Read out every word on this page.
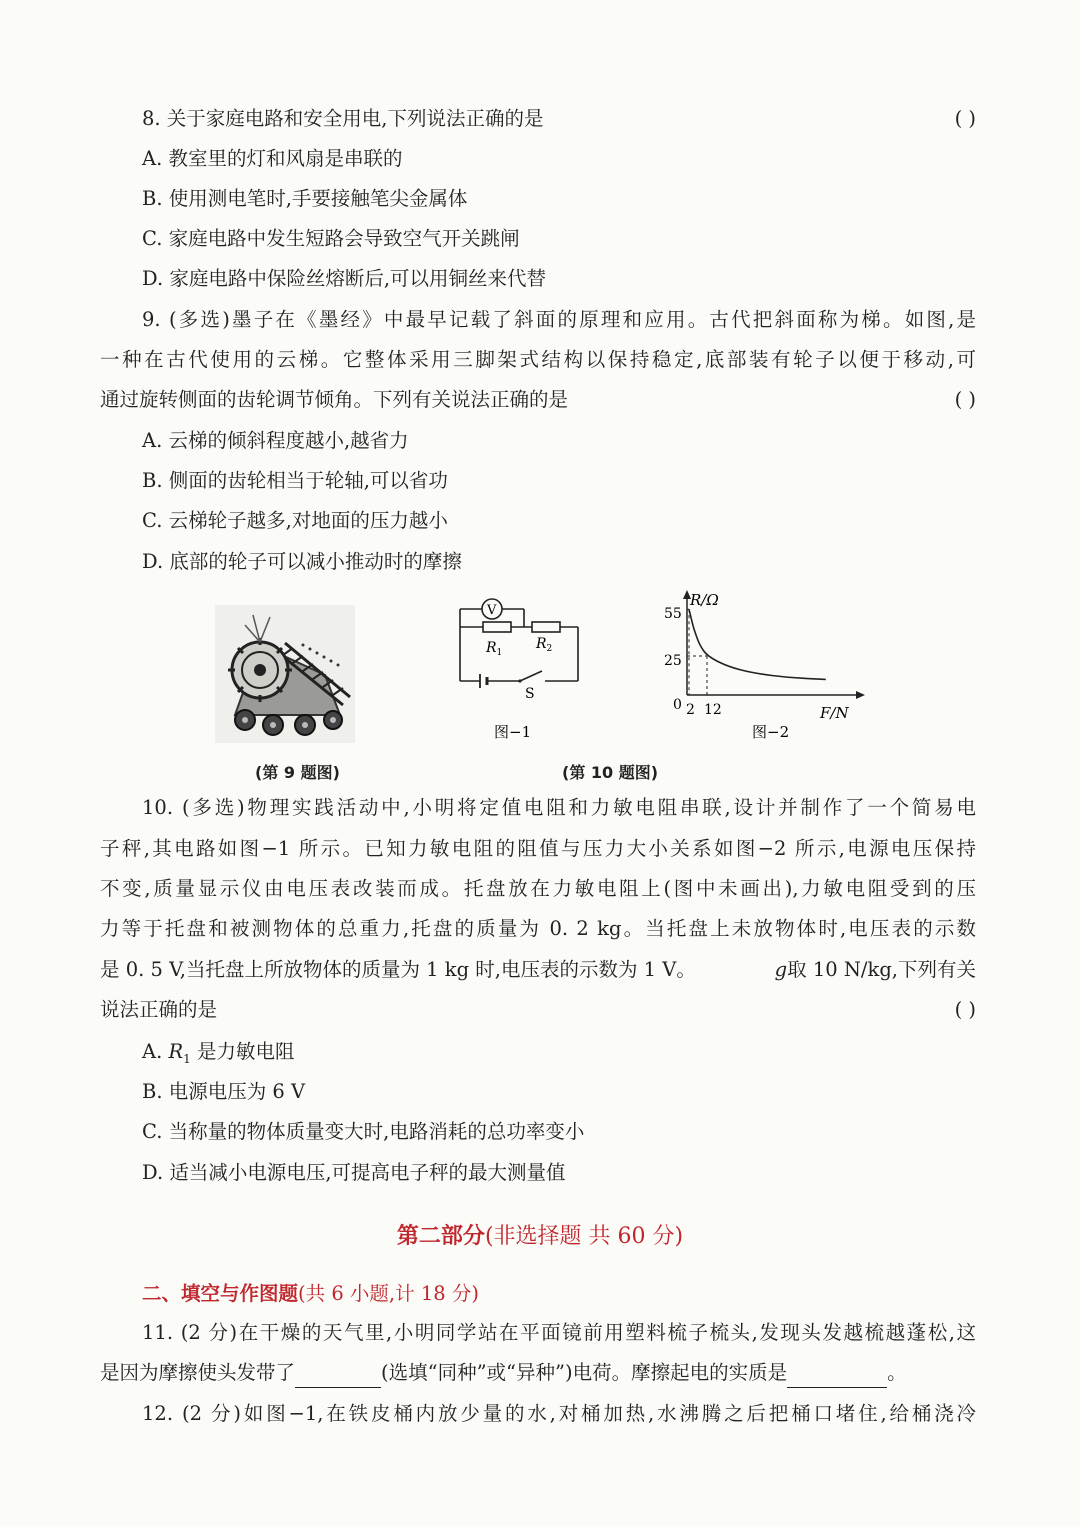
8. 关于家庭电路和安全用电,下列说法正确的是	( )
A. 教室里的灯和风扇是串联的
B. 使用测电笔时,手要接触笔尖金属体
C. 家庭电路中发生短路会导致空气开关跳闸
D. 家庭电路中保险丝熔断后,可以用铜丝来代替
9. (多选)墨子在《墨经》中最早记载了斜面的原理和应用。古代把斜面称为梯。如图,是
一种在古代使用的云梯。它整体采用三脚架式结构以保持稳定,底部装有轮子以便于移动,可
通过旋转侧面的齿轮调节倾角。下列有关说法正确的是	( )
A. 云梯的倾斜程度越小,越省力
B. 侧面的齿轮相当于轮轴,可以省功
C. 云梯轮子越多,对地面的压力越小
D. 底部的轮子可以减小推动时的摩擦
V
$R_1$
$R_2$
S
图−1
R/Ω
F/N
55
25
0 2 12
图−2
(第 9 题图)	(第 10 题图)
10. (多选)物理实践活动中,小明将定值电阻和力敏电阻串联,设计并制作了一个简易电
子秤,其电路如图−1 所示。已知力敏电阻的阻值与压力大小关系如图−2 所示,电源电压保持
不变,质量显示仪由电压表改装而成。托盘放在力敏电阻上(图中未画出),力敏电阻受到的压
力等于托盘和被测物体的总重力,托盘的质量为 0. 2 kg。当托盘上未放物体时,电压表的示数
是 0. 5 V,当托盘上所放物体的质量为 1 kg 时,电压表的示数为 1 V。	g 取 10 N/kg,下列有关
说法正确的是	( )
A. $R_1$ 是力敏电阻
B. 电源电压为 6 V
C. 当称量的物体质量变大时,电路消耗的总功率变小
D. 适当减小电源电压,可提高电子秤的最大测量值
第二部分(非选择题 共 60 分)
二、填空与作图题(共 6 小题,计 18 分)
11. (2 分)在干燥的天气里,小明同学站在平面镜前用塑料梳子梳头,发现头发越梳越蓬松,这
是因为摩擦使头发带了	(选填“同种”或“异种”)电荷。摩擦起电的实质是	。
12. (2 分)如图−1,在铁皮桶内放少量的水,对桶加热,水沸腾之后把桶口堵住,给桶浇冷
